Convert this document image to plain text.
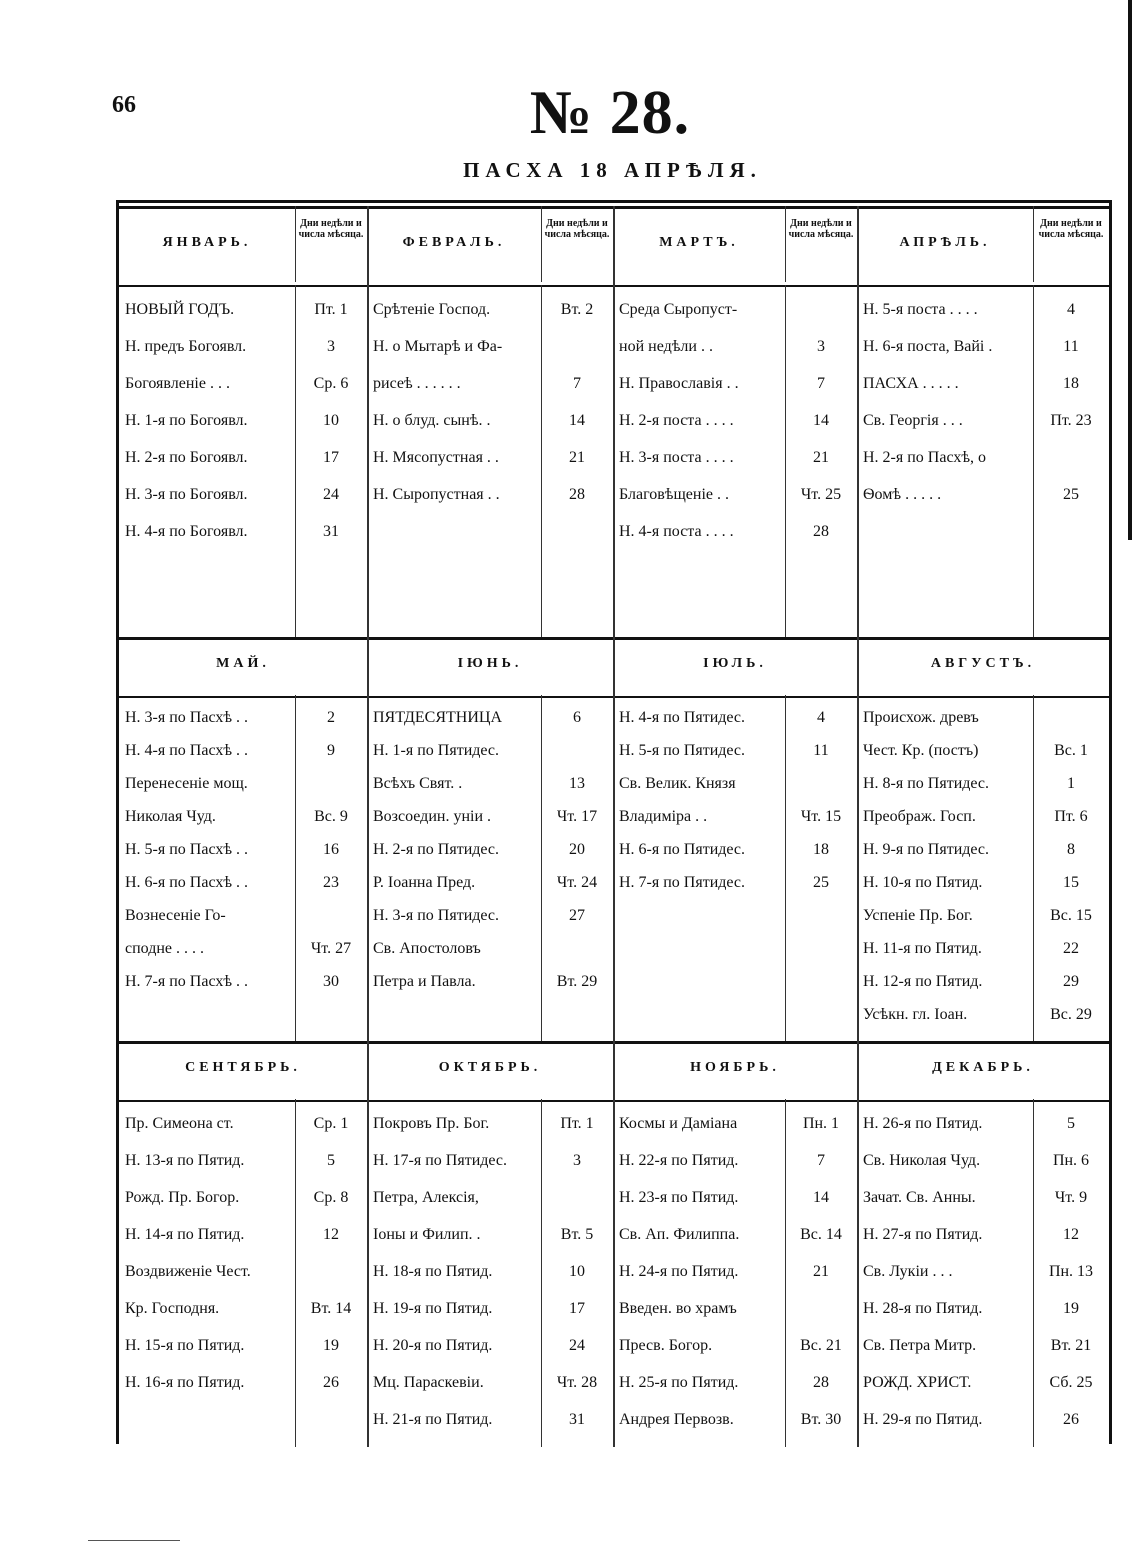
66	№ 28.
ПАСХА 18 АПРѢЛЯ.
ЯНВАРЬ.
Дни недѣли и числа мѣсяца.
НОВЫЙ ГОДЪ.	Пт. 1
Н. предъ Богоявл.	3
Богоявленіе . . .	Ср. 6
Н. 1-я по Богоявл.	10
Н. 2-я по Богоявл.	17
Н. 3-я по Богоявл.	24
Н. 4-я по Богоявл.	31
ФЕВРАЛЬ.
Дни недѣли и числа мѣсяца.
Срѣтеніе Господ.	Вт. 2
Н. о Мытарѣ и Фа-
рисеѣ . . . . . .	7
Н. о блуд. сынѣ. .	14
Н. Мясопустная . .	21
Н. Сыропустная . .	28
МАРТЪ.
Дни недѣли и числа мѣсяца.
Среда Сыропуст-
ной недѣли . .	3
Н. Православія . .	7
Н. 2-я поста . . . .	14
Н. 3-я поста . . . .	21
Благовѣщеніе . .	Чт. 25
Н. 4-я поста . . . .	28
АПРѢЛЬ.
Дни недѣли и числа мѣсяца.
Н. 5-я поста . . . .	4
Н. 6-я поста, Вайі .	11
ПАСХА . . . . .	18
Св. Георгія . . .	Пт. 23
Н. 2-я по Пасхѣ, о
Ѳомѣ . . . . .	25
МАЙ.
Н. 3-я по Пасхѣ . .	2
Н. 4-я по Пасхѣ . .	9
Перенесеніе мощ.
Николая Чуд.	Вс. 9
Н. 5-я по Пасхѣ . .	16
Н. 6-я по Пасхѣ . .	23
Вознесеніе Го-
сподне . . . .	Чт. 27
Н. 7-я по Пасхѣ . .	30
ІЮНЬ.
ПЯТДЕСЯТНИЦА	6
Н. 1-я по Пятидес.
Всѣхъ Свят. .	13
Возсоедин. уніи .	Чт. 17
Н. 2-я по Пятидес.	20
Р. Іоанна Пред.	Чт. 24
Н. 3-я по Пятидес.	27
Св. Апостоловъ
Петра и Павла.	Вт. 29
ІЮЛЬ.
Н. 4-я по Пятидес.	4
Н. 5-я по Пятидес.	11
Св. Велик. Князя
Владиміра . .	Чт. 15
Н. 6-я по Пятидес.	18
Н. 7-я по Пятидес.	25
АВГУСТЪ.
Происхож. древъ
Чест. Кр. (постъ)	Вс. 1
Н. 8-я по Пятидес.	1
Преображ. Госп.	Пт. 6
Н. 9-я по Пятидес.	8
Н. 10-я по Пятид.	15
Успеніе Пр. Бог.	Вс. 15
Н. 11-я по Пятид.	22
Н. 12-я по Пятид.	29
Усѣкн. гл. Іоан.	Вс. 29
СЕНТЯБРЬ.
Пр. Симеона ст.	Ср. 1
Н. 13-я по Пятид.	5
Рожд. Пр. Богор.	Ср. 8
Н. 14-я по Пятид.	12
Воздвиженіе Чест.
Кр. Господня.	Вт. 14
Н. 15-я по Пятид.	19
Н. 16-я по Пятид.	26
ОКТЯБРЬ.
Покровъ Пр. Бог.	Пт. 1
Н. 17-я по Пятидес.	3
Петра, Алексія,
Іоны и Филип. .	Вт. 5
Н. 18-я по Пятид.	10
Н. 19-я по Пятид.	17
Н. 20-я по Пятид.	24
Мц. Параскевіи.	Чт. 28
Н. 21-я по Пятид.	31
НОЯБРЬ.
Космы и Даміана	Пн. 1
Н. 22-я по Пятид.	7
Н. 23-я по Пятид.	14
Св. Ап. Филиппа.	Вс. 14
Н. 24-я по Пятид.	21
Введен. во храмъ
Пресв. Богор.	Вс. 21
Н. 25-я по Пятид.	28
Андрея Первозв.	Вт. 30
ДЕКАБРЬ.
Н. 26-я по Пятид.	5
Св. Николая Чуд.	Пн. 6
Зачат. Св. Анны.	Чт. 9
Н. 27-я по Пятид.	12
Св. Лукіи . . .	Пн. 13
Н. 28-я по Пятид.	19
Св. Петра Митр.	Вт. 21
РОЖД. ХРИСТ.	Сб. 25
Н. 29-я по Пятид.	26
